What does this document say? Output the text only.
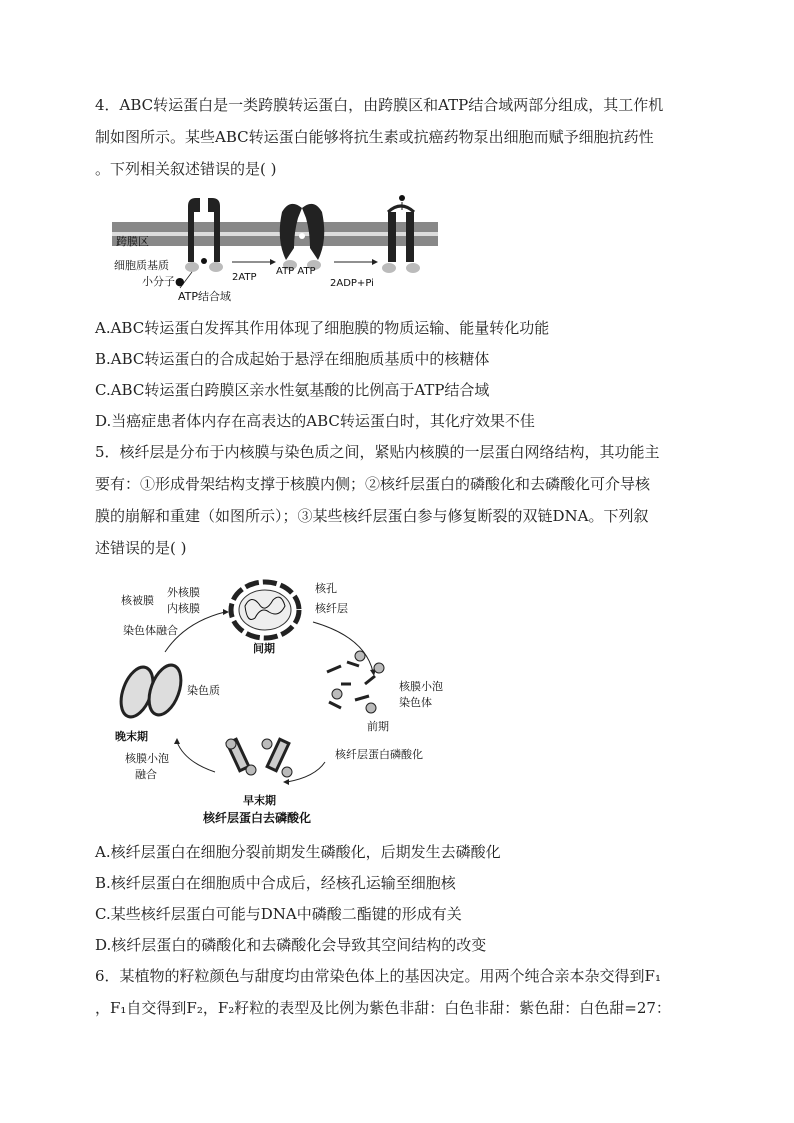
4．ABC转运蛋白是一类跨膜转运蛋白，由跨膜区和ATP结合域两部分组成，其工作机
制如图所示。某些ABC转运蛋白能够将抗生素或抗癌药物泵出细胞而赋予细胞抗药性
。下列相关叙述错误的是( )
跨膜区
细胞质基质
小分子●
ATP结合域
2ATP
ATP ATP
2ADP+Pi
A.ABC转运蛋白发挥其作用体现了细胞膜的物质运输、能量转化功能
B.ABC转运蛋白的合成起始于悬浮在细胞质基质中的核糖体
C.ABC转运蛋白跨膜区亲水性氨基酸的比例高于ATP结合域
D.当癌症患者体内存在高表达的ABC转运蛋白时，其化疗效果不佳
5．核纤层是分布于内核膜与染色质之间，紧贴内核膜的一层蛋白网络结构，其功能主
要有：①形成骨架结构支撑于核膜内侧；②核纤层蛋白的磷酸化和去磷酸化可介导核
膜的崩解和重建（如图所示）；③某些核纤层蛋白参与修复断裂的双链DNA。下列叙
述错误的是( )
核被膜
外核膜
内核膜
核孔
核纤层
间期
染色体融合
染色质
晚末期
核膜小泡
染色体
前期
核纤层蛋白磷酸化
核膜小泡
融合
早末期
核纤层蛋白去磷酸化
A.核纤层蛋白在细胞分裂前期发生磷酸化，后期发生去磷酸化
B.核纤层蛋白在细胞质中合成后，经核孔运输至细胞核
C.某些核纤层蛋白可能与DNA中磷酸二酯键的形成有关
D.核纤层蛋白的磷酸化和去磷酸化会导致其空间结构的改变
6．某植物的籽粒颜色与甜度均由常染色体上的基因决定。用两个纯合亲本杂交得到F₁
，F₁自交得到F₂，F₂籽粒的表型及比例为紫色非甜：白色非甜：紫色甜：白色甜=27：
